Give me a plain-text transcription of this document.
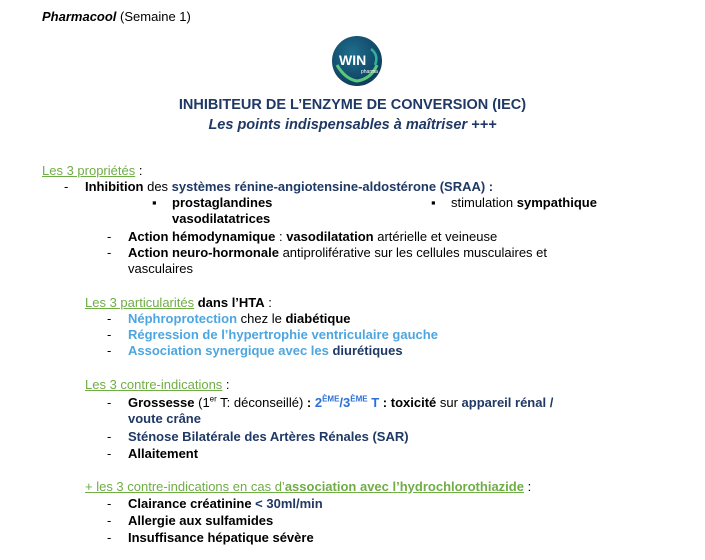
Pharmacool (Semaine 1)
WIN
pharma
INHIBITEUR DE L’ENZYME DE CONVERSION (IEC)
Les points indispensables à maîtriser +++
Les 3 propriétés :
- Inhibition des systèmes rénine-angiotensine-aldostérone (SRAA) :
▪ prostaglandines
vasodilatatrices
▪ stimulation sympathique
- Action hémodynamique : vasodilatation artérielle et veineuse
- Action neuro-hormonale antiproliférative sur les cellules musculaires et
vasculaires
Les 3 particularités dans l’HTA :
- Néphroprotection chez le diabétique
- Régression de l’hypertrophie ventriculaire gauche
- Association synergique avec les diurétiques
Les 3 contre-indications :
- Grossesse (1er T: déconseillé) : 2ÈME/3ÈME T : toxicité sur appareil rénal /
voute crâne
- Sténose Bilatérale des Artères Rénales (SAR)
- Allaitement
+ les 3 contre-indications en cas d’association avec l’hydrochlorothiazide :
- Clairance créatinine < 30ml/min
- Allergie aux sulfamides
- Insuffisance hépatique sévère
